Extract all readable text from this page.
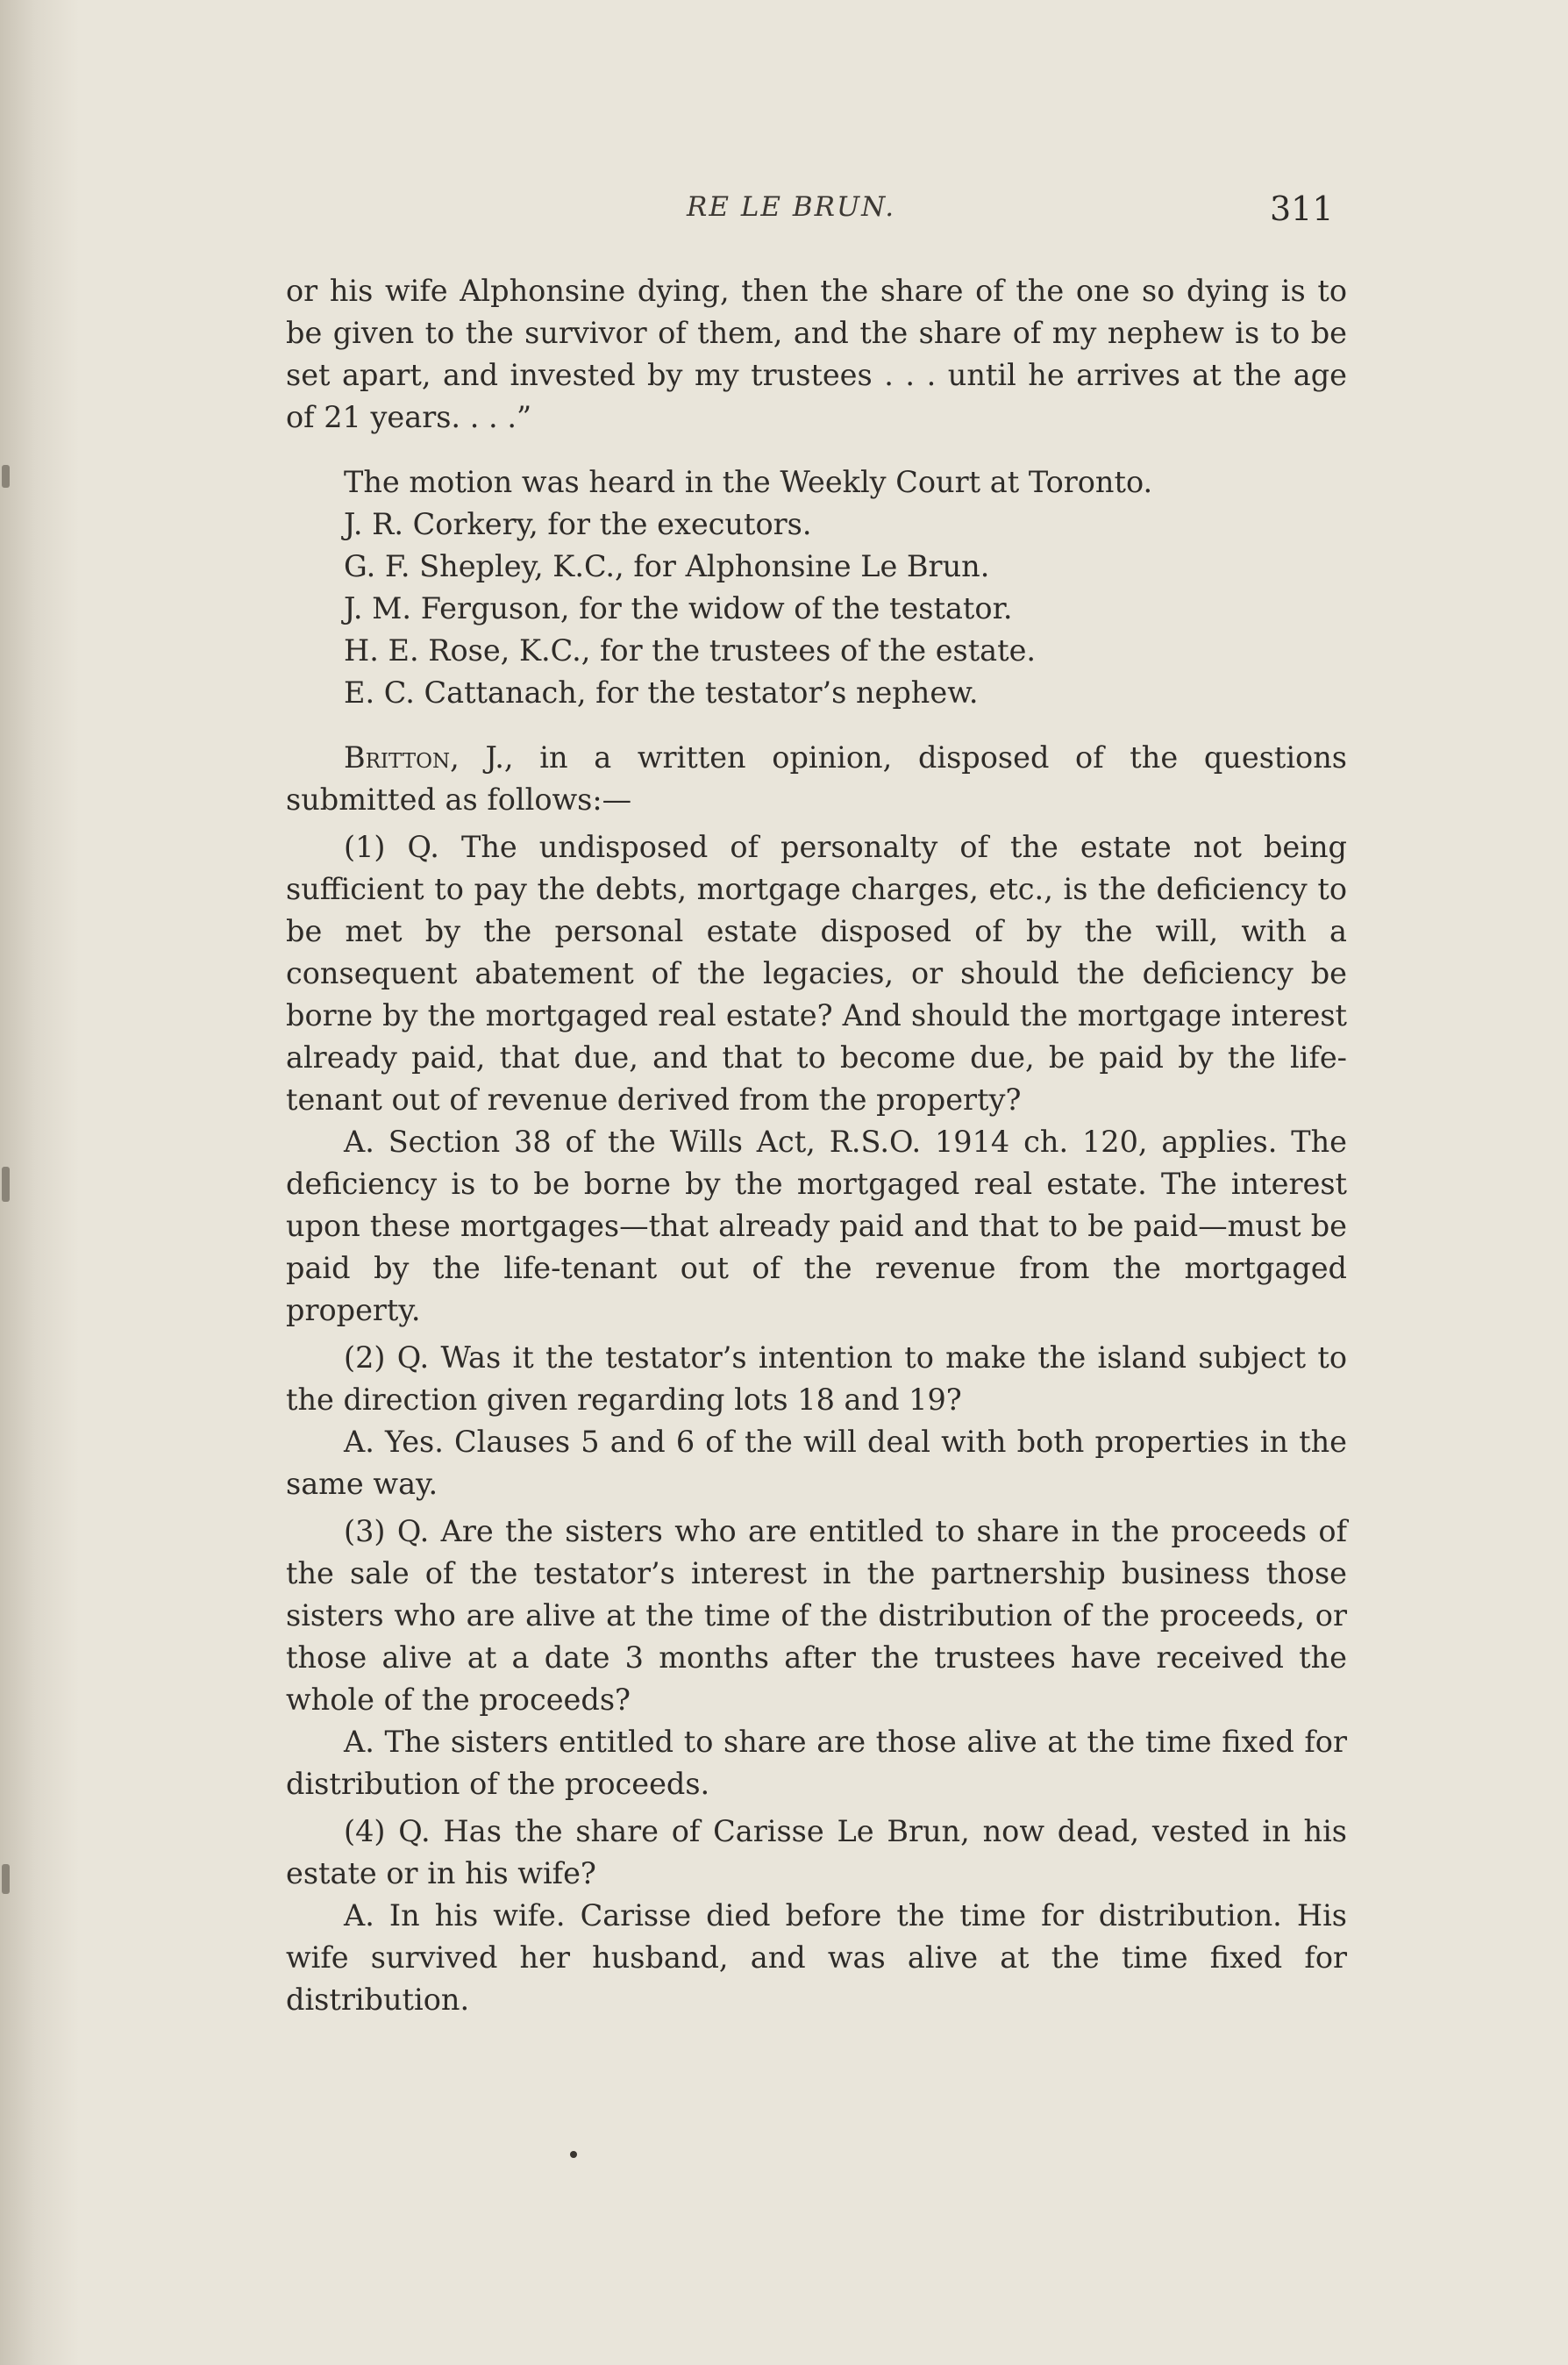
RE LE BRUN.	311

or his wife Alphonsine dying, then the share of the one so dying is to be given to the survivor of them, and the share of my nephew is to be set apart, and invested by my trustees . . . until he arrives at the age of 21 years. . . .”

The motion was heard in the Weekly Court at Toronto.

J. R. Corkery, for the executors.

G. F. Shepley, K.C., for Alphonsine Le Brun.

J. M. Ferguson, for the widow of the testator.

H. E. Rose, K.C., for the trustees of the estate.

E. C. Cattanach, for the testator’s nephew.

Britton, J., in a written opinion, disposed of the questions submitted as follows:—

(1) Q. The undisposed of personalty of the estate not being sufficient to pay the debts, mortgage charges, etc., is the deficiency to be met by the personal estate disposed of by the will, with a consequent abatement of the legacies, or should the deficiency be borne by the mortgaged real estate? And should the mortgage interest already paid, that due, and that to become due, be paid by the life-tenant out of revenue derived from the property?

A. Section 38 of the Wills Act, R.S.O. 1914 ch. 120, applies. The deficiency is to be borne by the mortgaged real estate. The interest upon these mortgages—that already paid and that to be paid—must be paid by the life-tenant out of the revenue from the mortgaged property.

(2) Q. Was it the testator’s intention to make the island subject to the direction given regarding lots 18 and 19?

A. Yes. Clauses 5 and 6 of the will deal with both properties in the same way.

(3) Q. Are the sisters who are entitled to share in the proceeds of the sale of the testator’s interest in the partnership business those sisters who are alive at the time of the distribution of the proceeds, or those alive at a date 3 months after the trustees have received the whole of the proceeds?

A. The sisters entitled to share are those alive at the time fixed for distribution of the proceeds.

(4) Q. Has the share of Carisse Le Brun, now dead, vested in his estate or in his wife?

A. In his wife. Carisse died before the time for distribution. His wife survived her husband, and was alive at the time fixed for distribution.
